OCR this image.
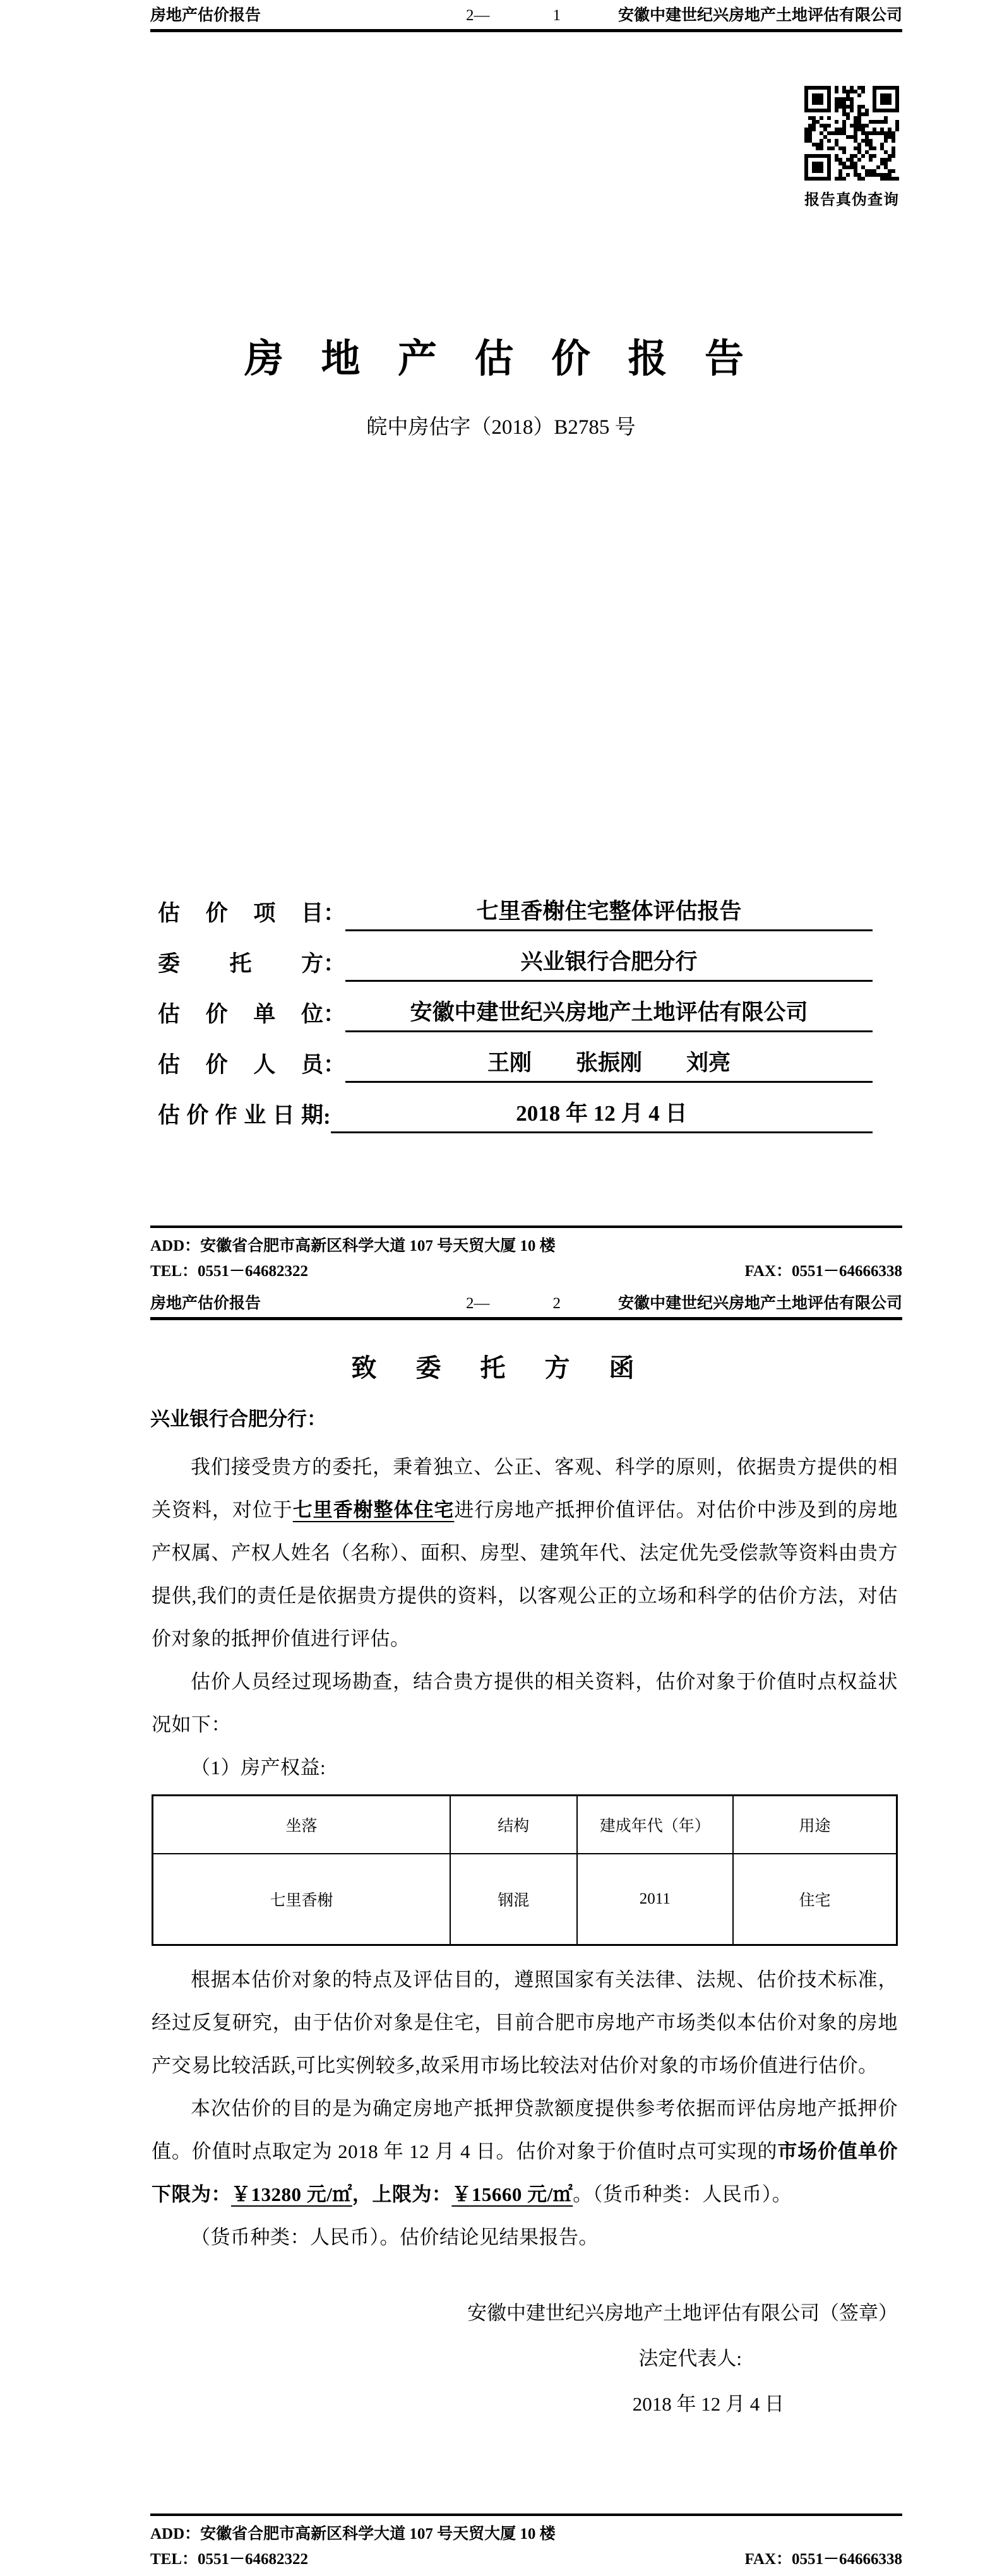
房地产估价报告	2—	1	安徽中建世纪兴房地产土地评估有限公司
报告真伪查询
房 地 产 估 价 报 告
皖中房估字（2018）B2785 号
估价项目 ：	七里香榭住宅整体评估报告
委托方 ：	兴业银行合肥分行
估价单位 ：	安徽中建世纪兴房地产土地评估有限公司
估价人员 ：	王刚　　张振刚　　刘亮
估价作业日期 :	2018 年 12 月 4 日
ADD：安徽省合肥市高新区科学大道 107 号天贸大厦 10 楼
TEL：0551－64682322	FAX：0551－64666338
房地产估价报告	2—	2	安徽中建世纪兴房地产土地评估有限公司
致 委 托 方 函
兴业银行合肥分行：

我们接受贵方的委托，秉着独立、公正、客观、科学的原则，依据贵方提供的相关资料，对位于七里香榭整体住宅进行房地产抵押价值评估。对估价中涉及到的房地产权属、产权人姓名（名称）、面积、房型、建筑年代、法定优先受偿款等资料由贵方提供,我们的责任是依据贵方提供的资料，以客观公正的立场和科学的估价方法，对估价对象的抵押价值进行评估。

估价人员经过现场勘查，结合贵方提供的相关资料，估价对象于价值时点权益状况如下：

（1）房产权益:

坐落	结构	建成年代（年）	用途
七里香榭	钢混	2011	住宅

根据本估价对象的特点及评估目的，遵照国家有关法律、法规、估价技术标准，经过反复研究，由于估价对象是住宅，目前合肥市房地产市场类似本估价对象的房地产交易比较活跃,可比实例较多,故采用市场比较法对估价对象的市场价值进行估价。

本次估价的目的是为确定房地产抵押贷款额度提供参考依据而评估房地产抵押价值。价值时点取定为 2018 年 12 月 4 日。估价对象于价值时点可实现的市场价值单价下限为：￥13280 元/㎡，上限为：￥15660 元/㎡。（货币种类：人民币）。

（货币种类：人民币）。估价结论见结果报告。

安徽中建世纪兴房地产土地评估有限公司（签章）
法定代表人:
2018 年 12 月 4 日
ADD：安徽省合肥市高新区科学大道 107 号天贸大厦 10 楼
TEL：0551－64682322	FAX：0551－64666338
